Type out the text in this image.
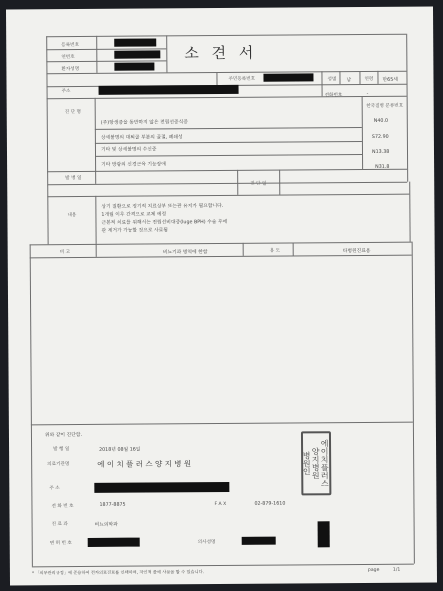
소 견 서
등록번호
연번호
환자성명
주민등록번호	성별 남	연령 만65세
주소
전화번호	-
진 단 명
한국질병 분류번호
(주)항생증을 동반하지 않은 전립선증식증	N40.0
상세불명의 대퇴골 부분의 골절, 폐쇄성	S72.90
기타 및 상세불명의 수신증	N13.38
기타 방광의 신경근육 기능장애	N31.8
발 병 일
진 단 일
내용
상기 질환으로 정기적 치료상부 또는관 유지가 필요합니다.
1개월 이후 간격으로 교체 예정
근본적 치료를 위해서는 전립선비대증(luge BPH) 수술 후에
관 제거가 가능할 것으로 사료됨
비 고	비뇨기과 병역에 한함	용 도	타병원진료용
위와 같이 진단함.
발 행 일	2018년 08월 16일
의료기관명	에 이 치 플 러 스 양 지 병 원
주 소
전 화 번 호	1877-8875	F A X	02-879-1610
진 료 과	비뇨의학과
면 허 번 호	의사성명
에이치플러스
양지병원
병원인
* 「의무관리규정」에 준용하여 전자의료진료를 인쇄하며, 자인적 출에 사용을 할 수 있습니다.	page	1/1
